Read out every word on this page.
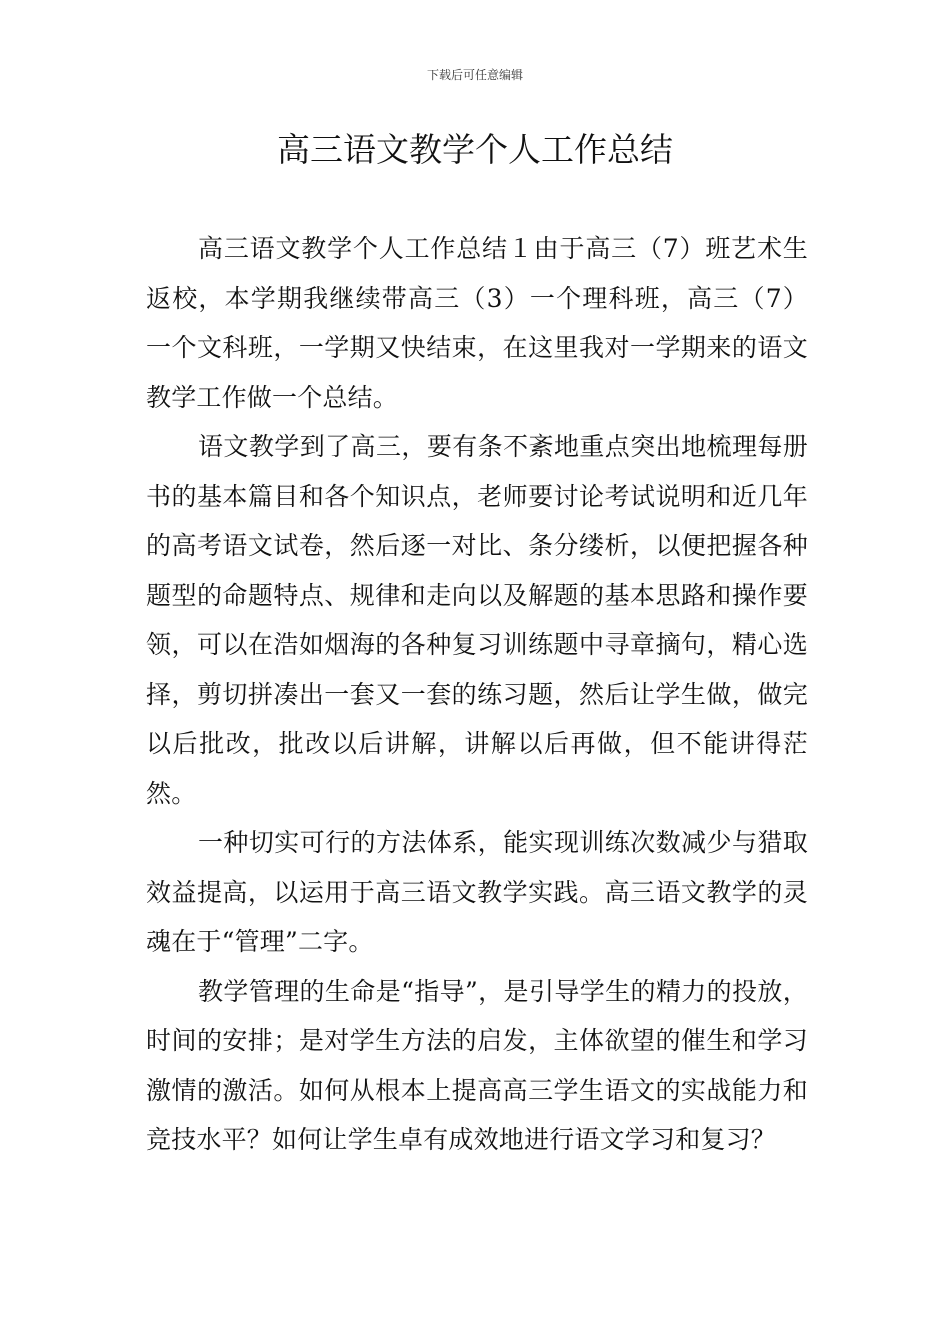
下载后可任意编辑
高三语文教学个人工作总结

高三语文教学个人工作总结１由于高三（7）班艺术生返校，本学期我继续带高三（3）一个理科班，高三（7）一个文科班，一学期又快结束，在这里我对一学期来的语文教学工作做一个总结。

语文教学到了高三，要有条不紊地重点突出地梳理每册书的基本篇目和各个知识点，老师要讨论考试说明和近几年的高考语文试卷，然后逐一对比、条分缕析，以便把握各种题型的命题特点、规律和走向以及解题的基本思路和操作要领，可以在浩如烟海的各种复习训练题中寻章摘句，精心选择，剪切拼凑出一套又一套的练习题，然后让学生做，做完以后批改，批改以后讲解，讲解以后再做，但不能讲得茫然。

一种切实可行的方法体系，能实现训练次数减少与猎取效益提高，以运用于高三语文教学实践。高三语文教学的灵魂在于“管理”二字。

教学管理的生命是“指导”，是引导学生的精力的投放，时间的安排；是对学生方法的启发，主体欲望的催生和学习激情的激活。如何从根本上提高高三学生语文的实战能力和竞技水平？如何让学生卓有成效地进行语文学习和复习？
